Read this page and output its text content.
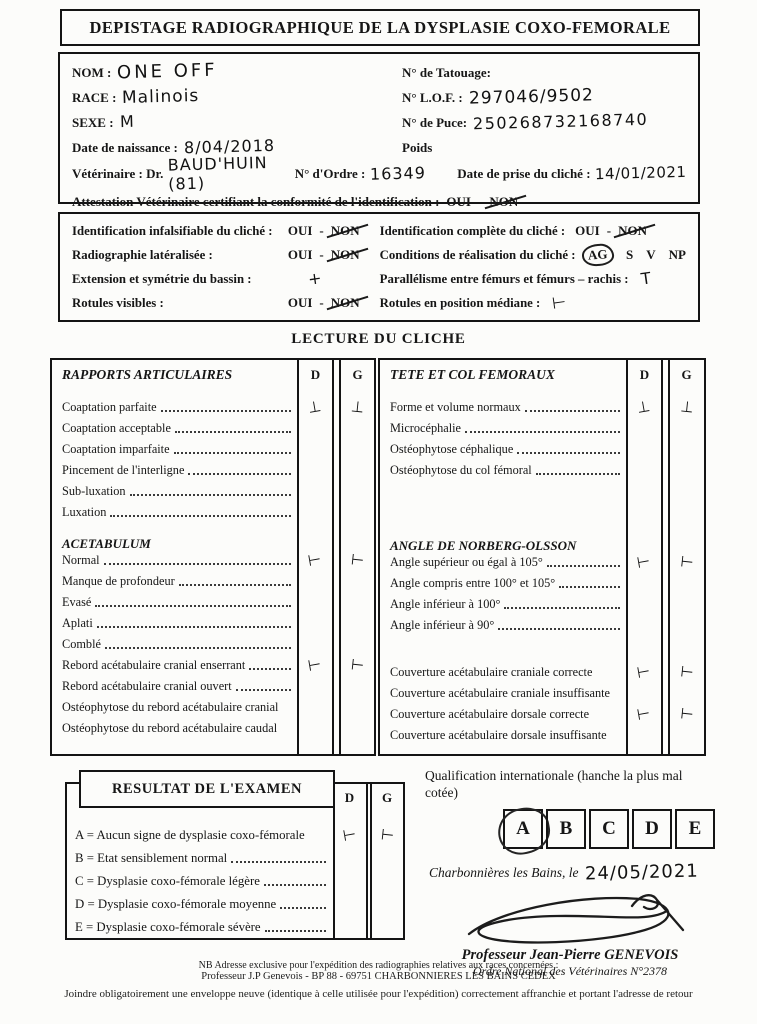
DEPISTAGE RADIOGRAPHIQUE DE LA DYSPLASIE COXO-FEMORALE
NOM : ONE OFF
RACE : Malinois
SEXE : M
Date de naissance : 8/04/2018
N° de Tatouage:
N° L.O.F. : 297046/9502
N° de Puce: 250268732168740
Poids
Vétérinaire : Dr. BAUD'HUIN (81)
N° d'Ordre : 16349 Date de prise du cliché : 14/01/2021
Attestation Vétérinaire certifiant la conformité de l'identification : OUI - NON
Identification infalsifiable du cliché : OUI - NON
Radiographie latéralisée :	OUI - NON
Extension et symétrie du bassin :	+
Rotules visibles :	OUI - NON
Identification complète du cliché : OUI - NON
Conditions de réalisation du cliché : AG	S V NP
Parallélisme entre fémurs et fémurs – rachis : T
Rotules en position médiane : ⊢
LECTURE DU CLICHE
RAPPORTS ARTICULAIRES	D	G
Coaptation parfaite	⊥	⊥
Coaptation acceptable
Coaptation imparfaite
Pincement de l'interligne
Sub-luxation
Luxation
ACETABULUM
Normal	⊢	⊢
Manque de profondeur
Evasé
Aplati
Comblé
Rebord acétabulaire cranial enserrant	⊢	⊢
Rebord acétabulaire cranial ouvert
Ostéophytose du rebord acétabulaire cranial
Ostéophytose du rebord acétabulaire caudal
TETE ET COL FEMORAUX	D	G
Forme et volume normaux	⊥	⊥
Microcéphalie
Ostéophytose céphalique
Ostéophytose du col fémoral
ANGLE DE NORBERG-OLSSON
Angle supérieur ou égal à 105°	⊢	⊢
Angle compris entre 100° et 105°
Angle inférieur à 100°
Angle inférieur à 90°
Couverture acétabulaire craniale correcte	⊢	⊢
Couverture acétabulaire craniale insuffisante
Couverture acétabulaire dorsale correcte	⊢	⊢
Couverture acétabulaire dorsale insuffisante
RESULTAT DE L'EXAMEN
D	G
A = Aucun signe de dysplasie coxo-fémorale	⊢	⊢
B = Etat sensiblement normal
C = Dysplasie coxo-fémorale légère
D = Dysplasie coxo-fémorale moyenne
E = Dysplasie coxo-fémorale sévère
Qualification internationale (hanche la plus mal cotée)
A	B	C	D	E
Charbonnières les Bains, le 24/05/2021
Professeur Jean-Pierre GENEVOIS
Ordre National des Vétérinaires N°2378
NB Adresse exclusive pour l'expédition des radiographies relatives aux races concernées :
Professeur J.P Genevois - BP 88 - 69751 CHARBONNIERES LES BAINS CEDEX
Joindre obligatoirement une enveloppe neuve (identique à celle utilisée pour l'expédition) correctement affranchie et portant l'adresse de retour
